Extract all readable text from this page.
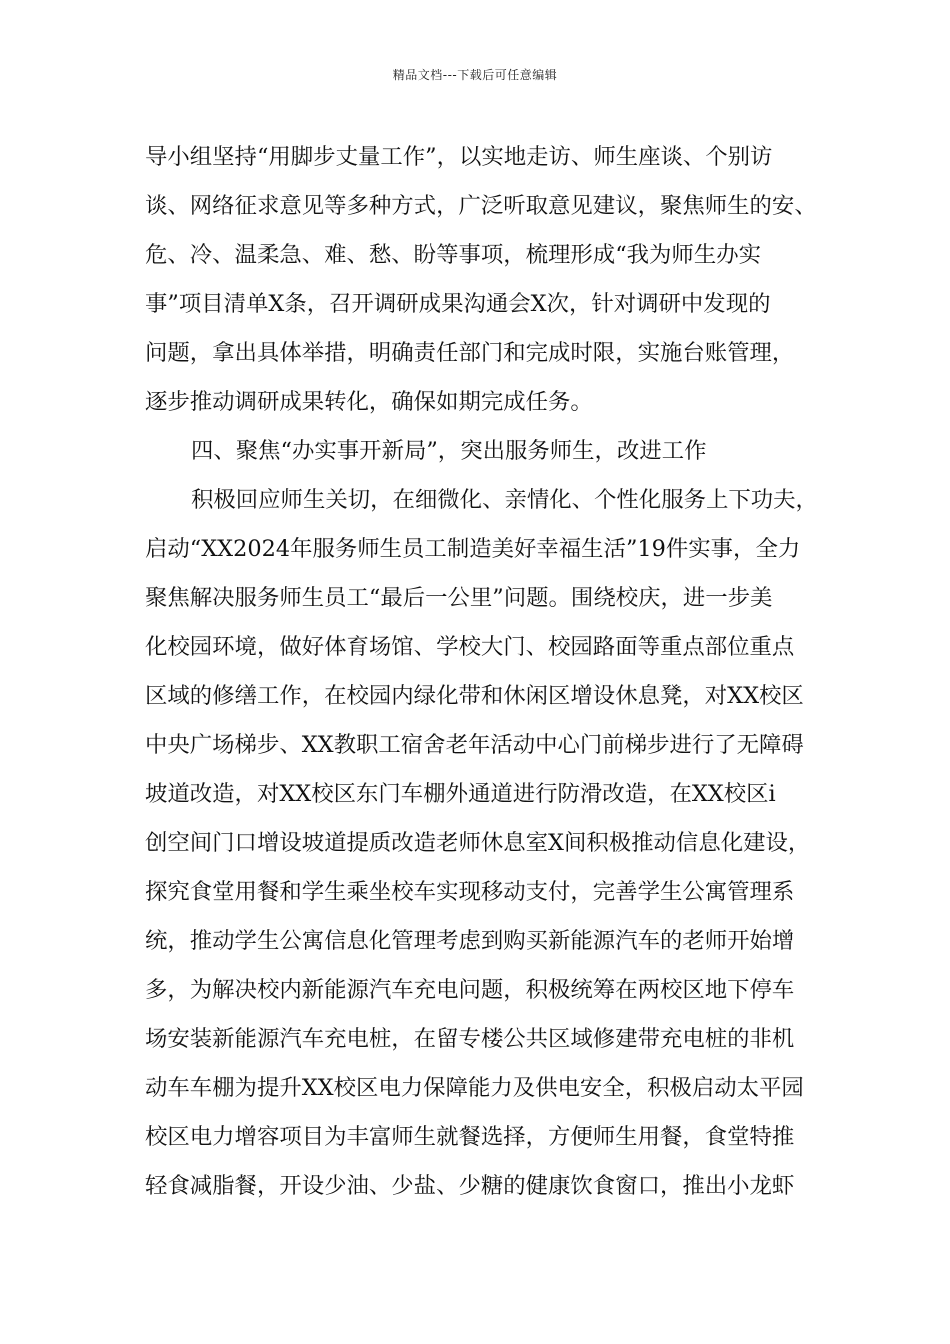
精品文档---下载后可任意编辑
导小组坚持“用脚步丈量工作”，以实地走访、师生座谈、个别访
谈、网络征求意见等多种方式，广泛听取意见建议，聚焦师生的安、
危、冷、温柔急、难、愁、盼等事项，梳理形成“我为师生办实
事”项目清单X条，召开调研成果沟通会X次，针对调研中发现的
问题，拿出具体举措，明确责任部门和完成时限，实施台账管理，
逐步推动调研成果转化，确保如期完成任务。
四、聚焦“办实事开新局”，突出服务师生，改进工作
积极回应师生关切，在细微化、亲情化、个性化服务上下功夫，
启动“XX2024年服务师生员工制造美好幸福生活”19件实事，全力
聚焦解决服务师生员工“最后一公里”问题。围绕校庆，进一步美
化校园环境，做好体育场馆、学校大门、校园路面等重点部位重点
区域的修缮工作，在校园内绿化带和休闲区增设休息凳，对XX校区
中央广场梯步、XX教职工宿舍老年活动中心门前梯步进行了无障碍
坡道改造，对XX校区东门车棚外通道进行防滑改造，在XX校区i
创空间门口增设坡道提质改造老师休息室X间积极推动信息化建设，
探究食堂用餐和学生乘坐校车实现移动支付，完善学生公寓管理系
统，推动学生公寓信息化管理考虑到购买新能源汽车的老师开始增
多，为解决校内新能源汽车充电问题，积极统筹在两校区地下停车
场安装新能源汽车充电桩，在留专楼公共区域修建带充电桩的非机
动车车棚为提升XX校区电力保障能力及供电安全，积极启动太平园
校区电力增容项目为丰富师生就餐选择，方便师生用餐，食堂特推
轻食减脂餐，开设少油、少盐、少糖的健康饮食窗口，推出小龙虾
